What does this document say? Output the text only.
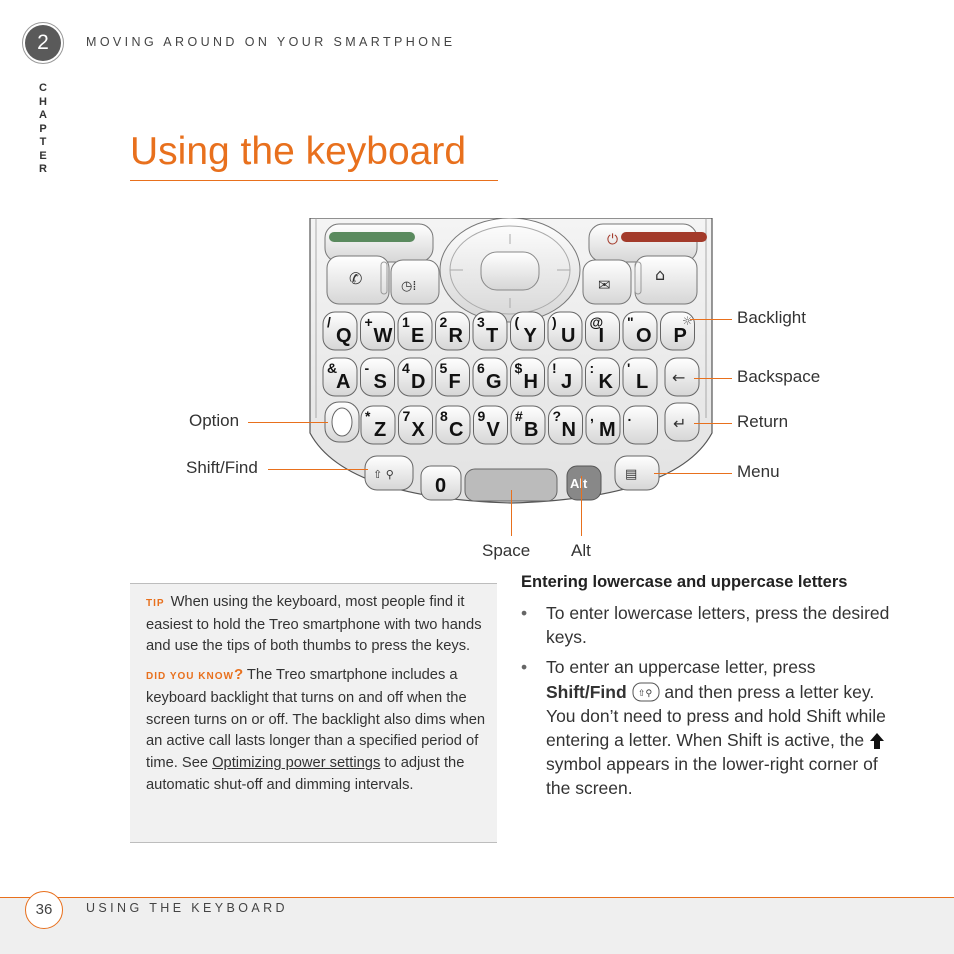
2	MOVING AROUND ON YOUR SMARTPHONE
C
H
A
P
T
E
R Using the keyboard
⏻
✆	◷⁞	✉
⌂
/
Q
+
W
1
E
2
R
3
T
(
Y
)
U
@
I
"
O P
&
A
-
S
4
D
5
F
6
G
$
H
!
J
:
K
'
L
*
Z
7
X
8
C
9
V
#
B
?
N
,
M
.
←
↵
☼
⇧ ⚲
0	Alt
▤
Backlight
Backspace
Return
Menu
Option
Shift/Find
Space Alt
TIP When using the keyboard, most people find it easiest to hold the Treo smartphone with two hands and use the tips of both thumbs to press the keys.
DID YOU KNOW? The Treo smartphone includes a keyboard backlight that turns on and off when the screen turns on or off. The backlight also dims when an active call lasts longer than a specified period of time. See Optimizing power settings to adjust the automatic shut-off and dimming intervals.
Entering lowercase and uppercase letters
• To enter lowercase letters, press the desired keys.
• To enter an uppercase letter, press Shift/Find ⇧⚲ and then press a letter key. You don’t need to press and hold Shift while entering a letter. When Shift is active, the  symbol appears in the lower-right corner of the screen.
36	USING THE KEYBOARD
